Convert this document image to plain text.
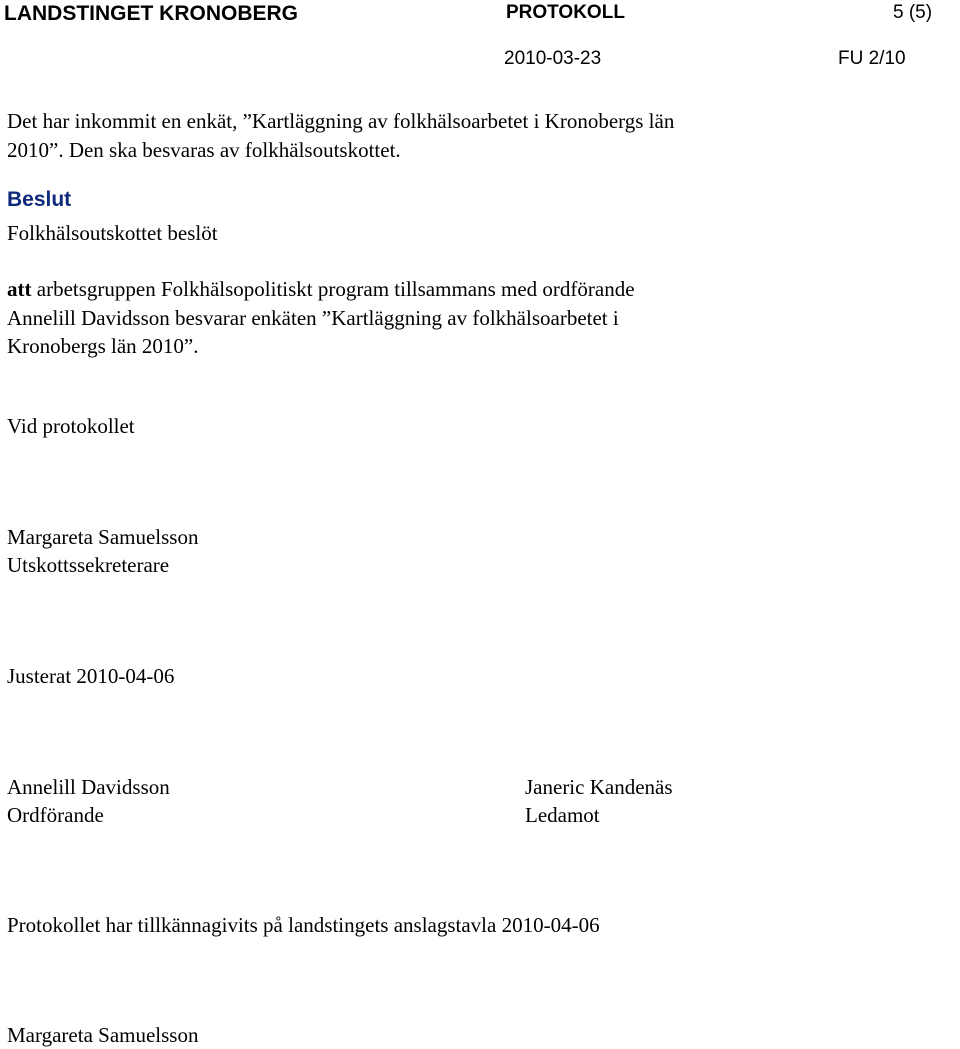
LANDSTINGET KRONOBERG	PROTOKOLL	5 (5)
2010-03-23	FU 2/10
Det har inkommit en enkät, ”Kartläggning av folkhälsoarbetet i Kronobergs län
2010”. Den ska besvaras av folkhälsoutskottet.
Beslut
Folkhälsoutskottet beslöt
att arbetsgruppen Folkhälsopolitiskt program tillsammans med ordförande
Annelill Davidsson besvarar enkäten ”Kartläggning av folkhälsoarbetet i
Kronobergs län 2010”.
Vid protokollet
Margareta Samuelsson
Utskottssekreterare
Justerat 2010-04-06
Annelill Davidsson
Ordförande
Janeric Kandenäs
Ledamot
Protokollet har tillkännagivits på landstingets anslagstavla 2010-04-06
Margareta Samuelsson
